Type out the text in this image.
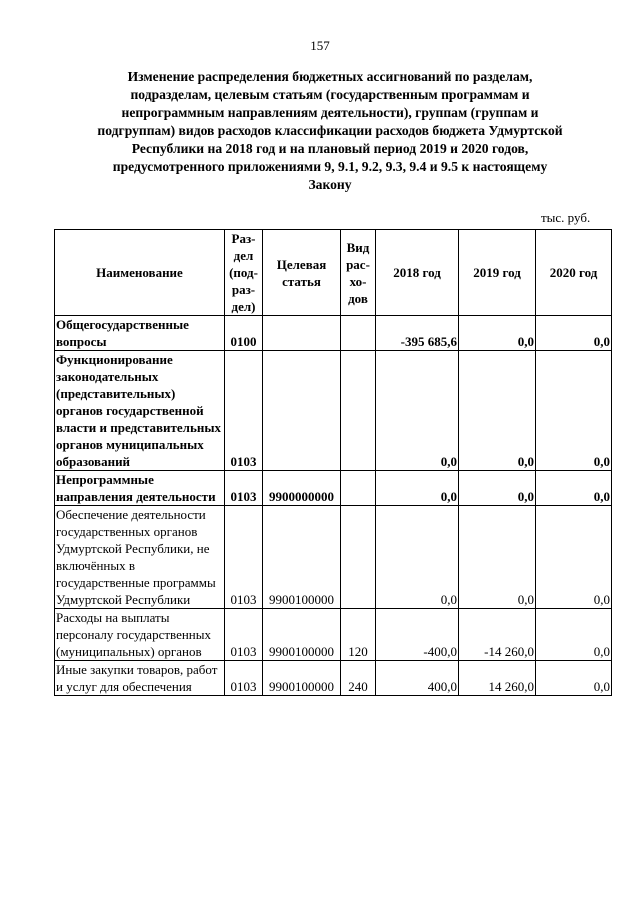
157
Изменение распределения бюджетных ассигнований по разделам, подразделам, целевым статьям (государственным программам и непрограммным направлениям деятельности), группам (группам и подгруппам) видов расходов классификации расходов бюджета Удмуртской Республики на 2018 год и на плановый период 2019 и 2020 годов, предусмотренного приложениями 9, 9.1, 9.2, 9.3, 9.4 и 9.5 к настоящему Закону
тыс. руб.
Наименование	Раз-дел (под-раз-дел)	Целевая статья	Вид рас-хо-дов	2018 год	2019 год	2020 год
Общегосударственные вопросы	0100			-395 685,6	0,0	0,0
Функционирование законодательных (представительных) органов государственной власти и представительных органов муниципальных образований	0103			0,0	0,0	0,0
Непрограммные направления деятельности	0103	9900000000		0,0	0,0	0,0
Обеспечение деятельности государственных органов Удмуртской Республики, не включённых в государственные программы Удмуртской Республики	0103	9900100000		0,0	0,0	0,0
Расходы на выплаты персоналу государственных (муниципальных) органов	0103	9900100000	120	-400,0	-14 260,0	0,0
Иные закупки товаров, работ и услуг для обеспечения	0103	9900100000	240	400,0	14 260,0	0,0
